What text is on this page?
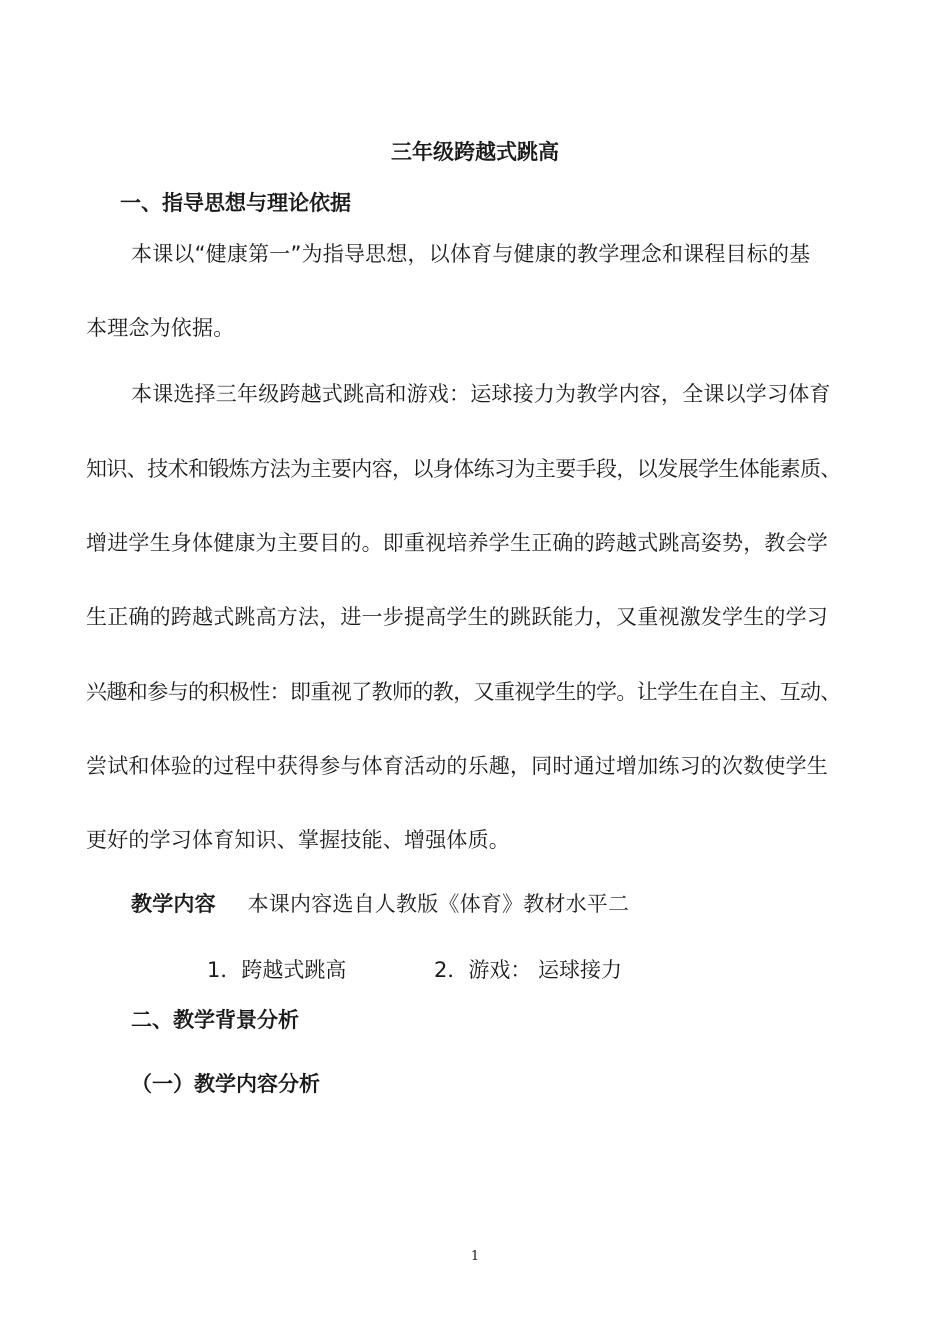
三年级跨越式跳高
一、指导思想与理论依据
本课以“健康第一”为指导思想，以体育与健康的教学理念和课程目标的基
本理念为依据。
本课选择三年级跨越式跳高和游戏：运球接力为教学内容，全课以学习体育
知识、技术和锻炼方法为主要内容，以身体练习为主要手段，以发展学生体能素质、
增进学生身体健康为主要目的。即重视培养学生正确的跨越式跳高姿势，教会学
生正确的跨越式跳高方法，进一步提高学生的跳跃能力，又重视激发学生的学习
兴趣和参与的积极性：即重视了教师的教，又重视学生的学。让学生在自主、互动、
尝试和体验的过程中获得参与体育活动的乐趣，同时通过增加练习的次数使学生
更好的学习体育知识、掌握技能、增强体质。
教学内容 本课内容选自人教版《体育》教材水平二
1．跨越式跳高	2．游戏： 运球接力
二、教学背景分析
（一）教学内容分析
1
